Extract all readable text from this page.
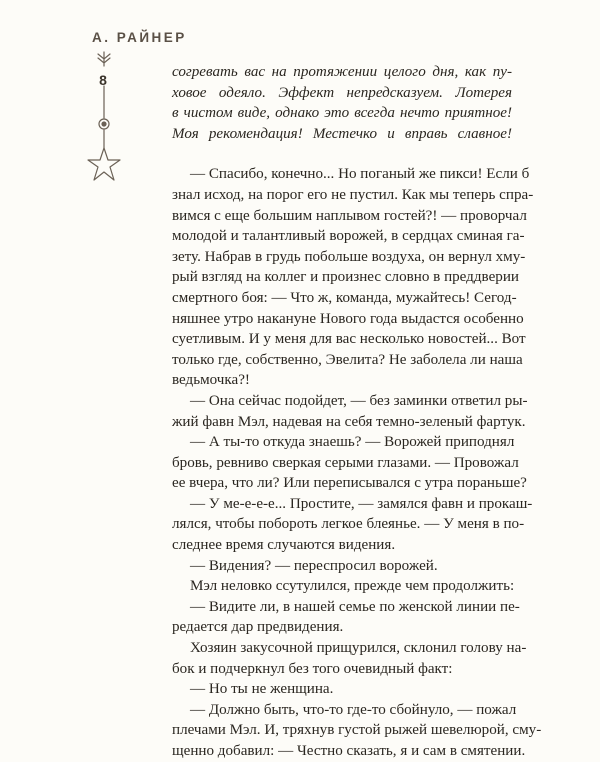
А. РАЙНЕР
8	согревать вас на протяжении целого дня, как пу-
ховое одеяло. Эффект непредсказуем. Лотерея
в чистом виде, однако это всегда нечто приятное!
Моя рекомендация! Местечко и вправь славное!
— Спасибо, конечно... Но поганый же пикси! Если б
знал исход, на порог его не пустил. Как мы теперь спра-
вимся с еще большим наплывом гостей?! — проворчал
молодой и талантливый ворожей, в сердцах сминая га-
зету. Набрав в грудь побольше воздуха, он вернул хму-
рый взгляд на коллег и произнес словно в преддверии
смертного боя: — Что ж, команда, мужайтесь! Сегод-
няшнее утро накануне Нового года выдастся особенно
суетливым. И у меня для вас несколько новостей... Вот
только где, собственно, Эвелита? Не заболела ли наша
ведьмочка?!
— Она сейчас подойдет, — без заминки ответил ры-
жий фавн Мэл, надевая на себя темно-зеленый фартук.
— А ты-то откуда знаешь? — Ворожей приподнял
бровь, ревниво сверкая серыми глазами. — Провожал
ее вчера, что ли? Или переписывался с утра пораньше?
— У ме-е-е-е... Простите, — замялся фавн и прокаш-
лялся, чтобы побороть легкое блеянье. — У меня в по-
следнее время случаются видения.
— Видения? — переспросил ворожей.
Мэл неловко ссутулился, прежде чем продолжить:
— Видите ли, в нашей семье по женской линии пе-
редается дар предвидения.
Хозяин закусочной прищурился, склонил голову на-
бок и подчеркнул без того очевидный факт:
— Но ты не женщина.
— Должно быть, что-то где-то сбойнуло, — пожал
плечами Мэл. И, тряхнув густой рыжей шевелюрой, сму-
щенно добавил: — Честно сказать, я и сам в смятении.
